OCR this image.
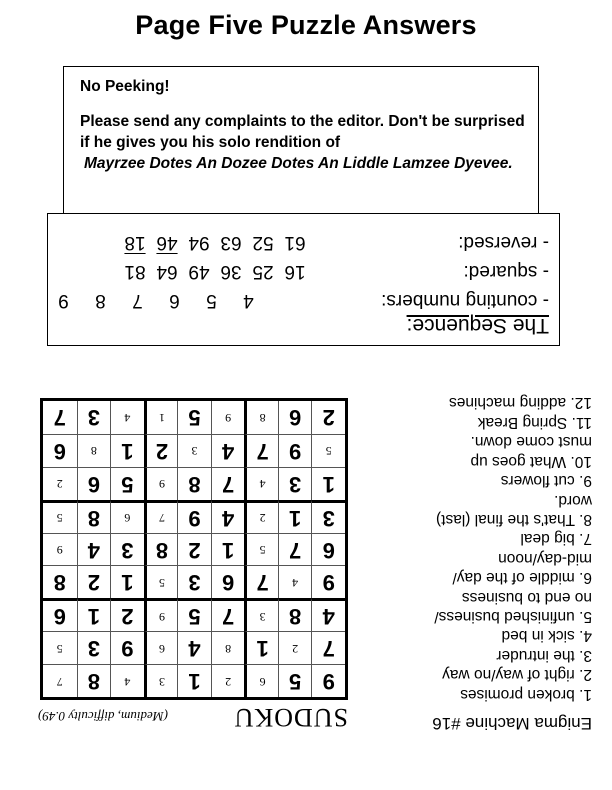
Page Five Puzzle Answers

No Peeking!

Please send any complaints to the editor. Don't be surprised if he gives you his solo rendition of

Mayrzee Dotes An Dozee Dotes An Liddle Lamzee Dyevee.

The Sequence:
- counting numbers:
4
5
6
7
8
9
- squared:
16
25
36
49
64
81
- reversed:
61
52
63
94
46
18
Enigma Machine #16
1. broken promises
2. right of way/no way
3. the intruder
4. sick in bed
5. unfinished business/
no end to business
6. middle of the day/
mid-day/noon
7. big deal
8. That's the final (last)
word.
9. cut flowers
10. What goes up
must come down.
11. Spring Break
12. adding machines
SUDOKU
(Medium, difficulty 0.49)
9
5
6
2
1
3
4
8
7
7
2
1
8
4
6
9
3
5
4
8
3
7
5
9
2
1
6
9
4
7
6
3
5
1
2
8
6
7
5
1
2
8
3
4
9
3
1
2
4
9
7
6
8
5
1
3
4
7
8
9
5
6
2
5
9
7
4
3
2
1
8
6
2
6
8
9
5
1
4
3
7
